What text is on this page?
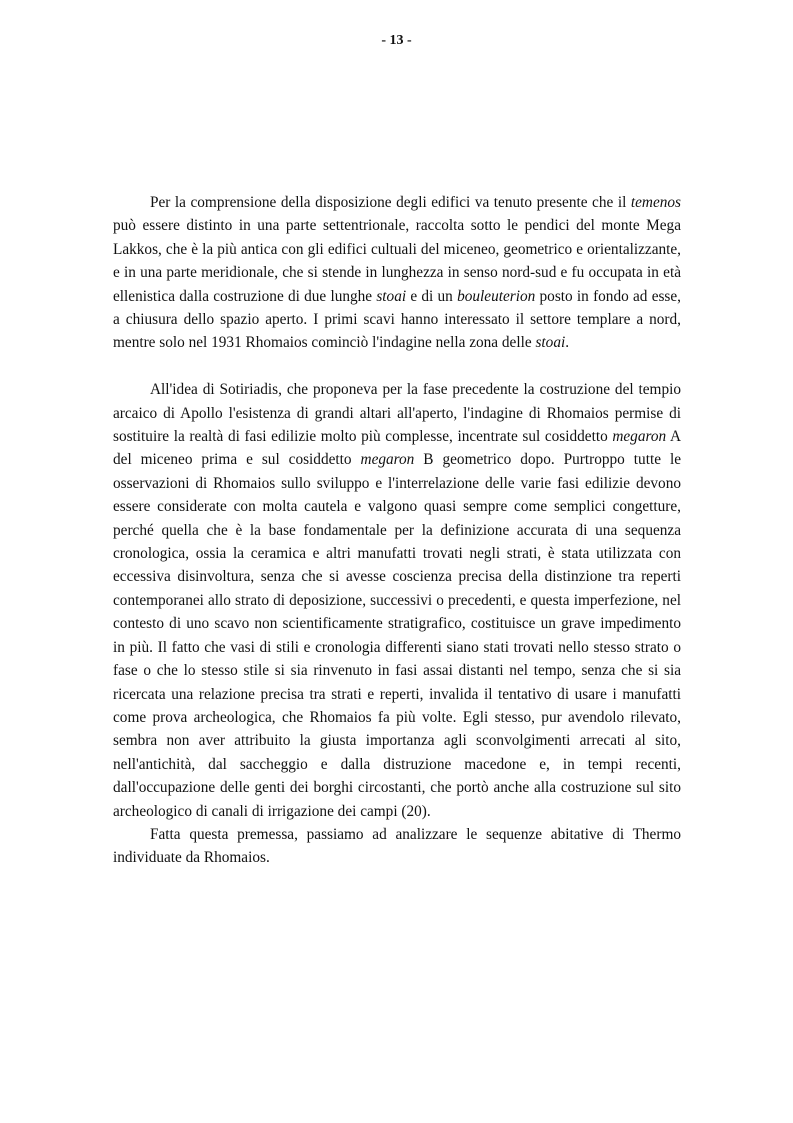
- 13 -

Per la comprensione della disposizione degli edifici va tenuto presente che il temenos può essere distinto in una parte settentrionale, raccolta sotto le pendici del monte Mega Lakkos, che è la più antica con gli edifici cultuali del miceneo, geometrico e orientalizzante, e in una parte meridionale, che si stende in lunghezza in senso nord-sud e fu occupata in età ellenistica dalla costruzione di due lunghe stoai e di un bouleuterion posto in fondo ad esse, a chiusura dello spazio aperto. I primi scavi hanno interessato il settore templare a nord, mentre solo nel 1931 Rhomaios cominciò l'indagine nella zona delle stoai.

All'idea di Sotiriadis, che proponeva per la fase precedente la costruzione del tempio arcaico di Apollo l'esistenza di grandi altari all'aperto, l'indagine di Rhomaios permise di sostituire la realtà di fasi edilizie molto più complesse, incentrate sul cosiddetto megaron A del miceneo prima e sul cosiddetto megaron B geometrico dopo. Purtroppo tutte le osservazioni di Rhomaios sullo sviluppo e l'interrelazione delle varie fasi edilizie devono essere considerate con molta cautela e valgono quasi sempre come semplici congetture, perché quella che è la base fondamentale per la definizione accurata di una sequenza cronologica, ossia la ceramica e altri manufatti trovati negli strati, è stata utilizzata con eccessiva disinvoltura, senza che si avesse coscienza precisa della distinzione tra reperti contemporanei allo strato di deposizione, successivi o precedenti, e questa imperfezione, nel contesto di uno scavo non scientificamente stratigrafico, costituisce un grave impedimento in più. Il fatto che vasi di stili e cronologia differenti siano stati trovati nello stesso strato o fase o che lo stesso stile si sia rinvenuto in fasi assai distanti nel tempo, senza che si sia ricercata una relazione precisa tra strati e reperti, invalida il tentativo di usare i manufatti come prova archeologica, che Rhomaios fa più volte. Egli stesso, pur avendolo rilevato, sembra non aver attribuito la giusta importanza agli sconvolgimenti arrecati al sito, nell'antichità, dal saccheggio e dalla distruzione macedone e, in tempi recenti, dall'occupazione delle genti dei borghi circostanti, che portò anche alla costruzione sul sito archeologico di canali di irrigazione dei campi (20).

Fatta questa premessa, passiamo ad analizzare le sequenze abitative di Thermo individuate da Rhomaios.
